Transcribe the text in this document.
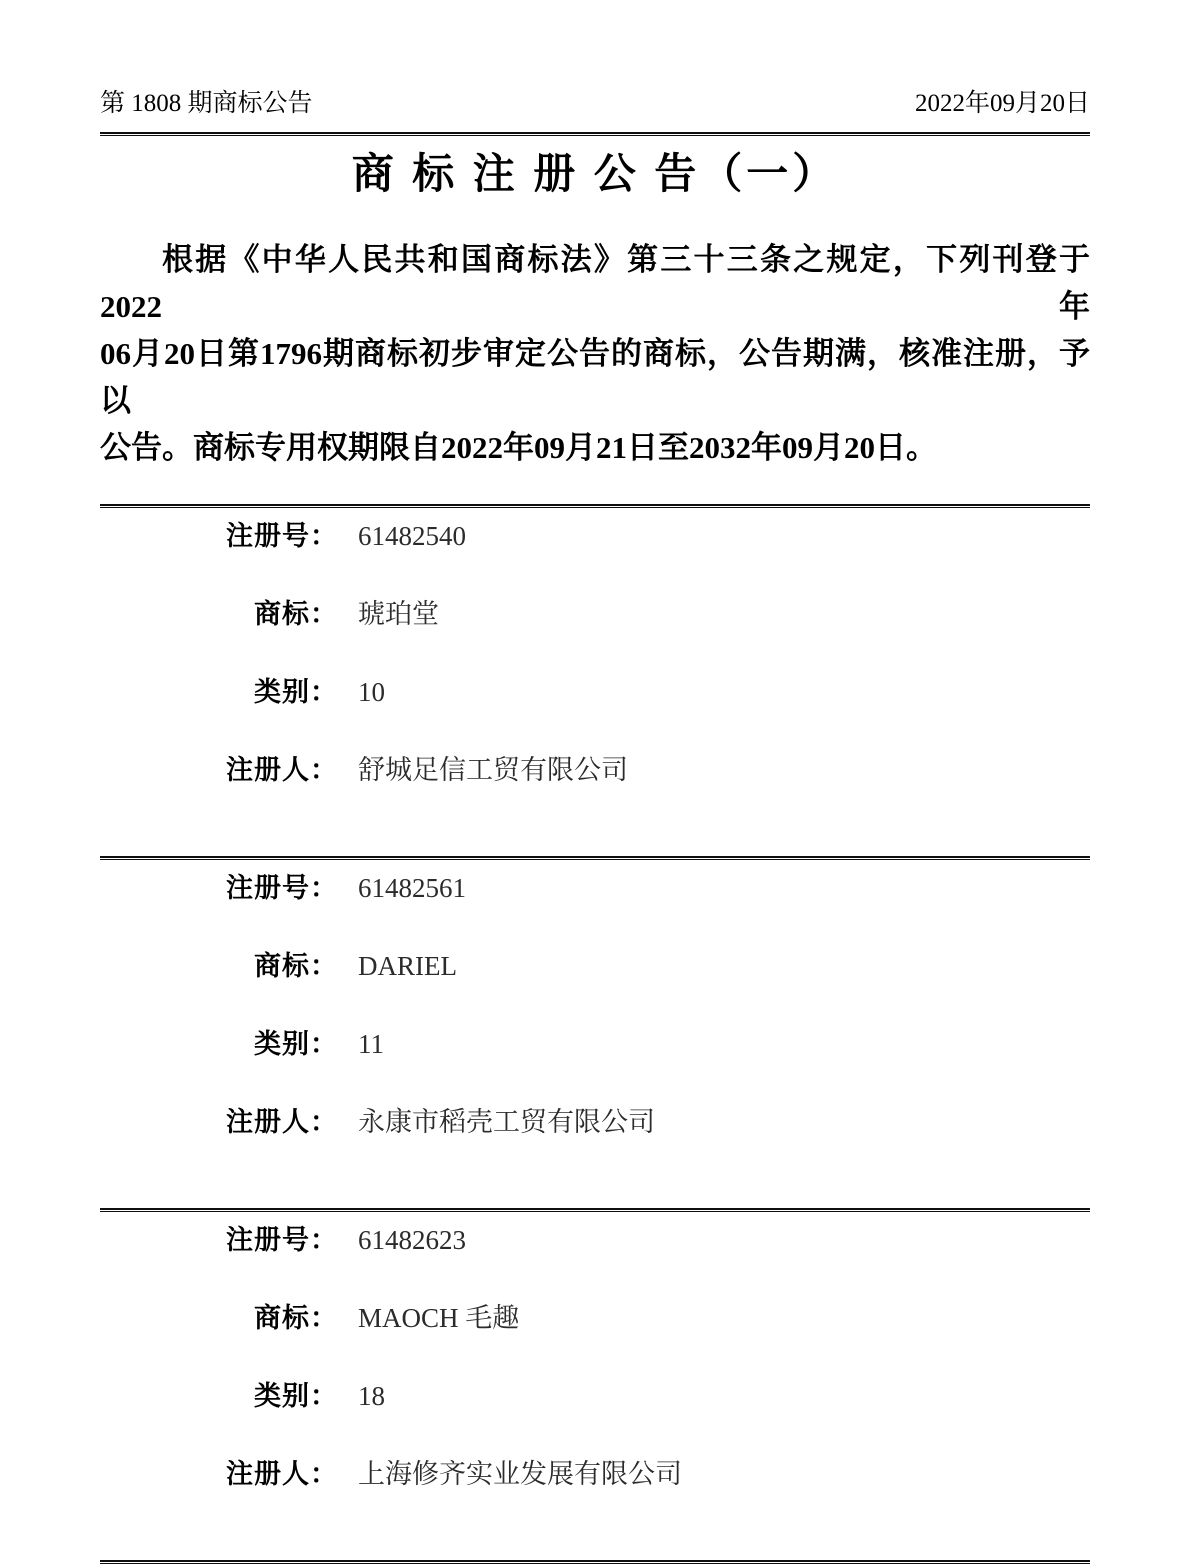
第 1808 期商标公告	2022年09月20日
商 标 注 册 公 告（一）
根据《中华人民共和国商标法》第三十三条之规定，下列刊登于2022年
06月20日第1796期商标初步审定公告的商标，公告期满，核准注册，予以
公告。商标专用权期限自2022年09月21日至2032年09月20日。
注册号： 61482540
商标： 琥珀堂
类别： 10
注册人： 舒城足信工贸有限公司
注册号： 61482561
商标： DARIEL
类别： 11
注册人： 永康市稻壳工贸有限公司
注册号： 61482623
商标： MAOCH 毛趣
类别： 18
注册人： 上海修齐实业发展有限公司
